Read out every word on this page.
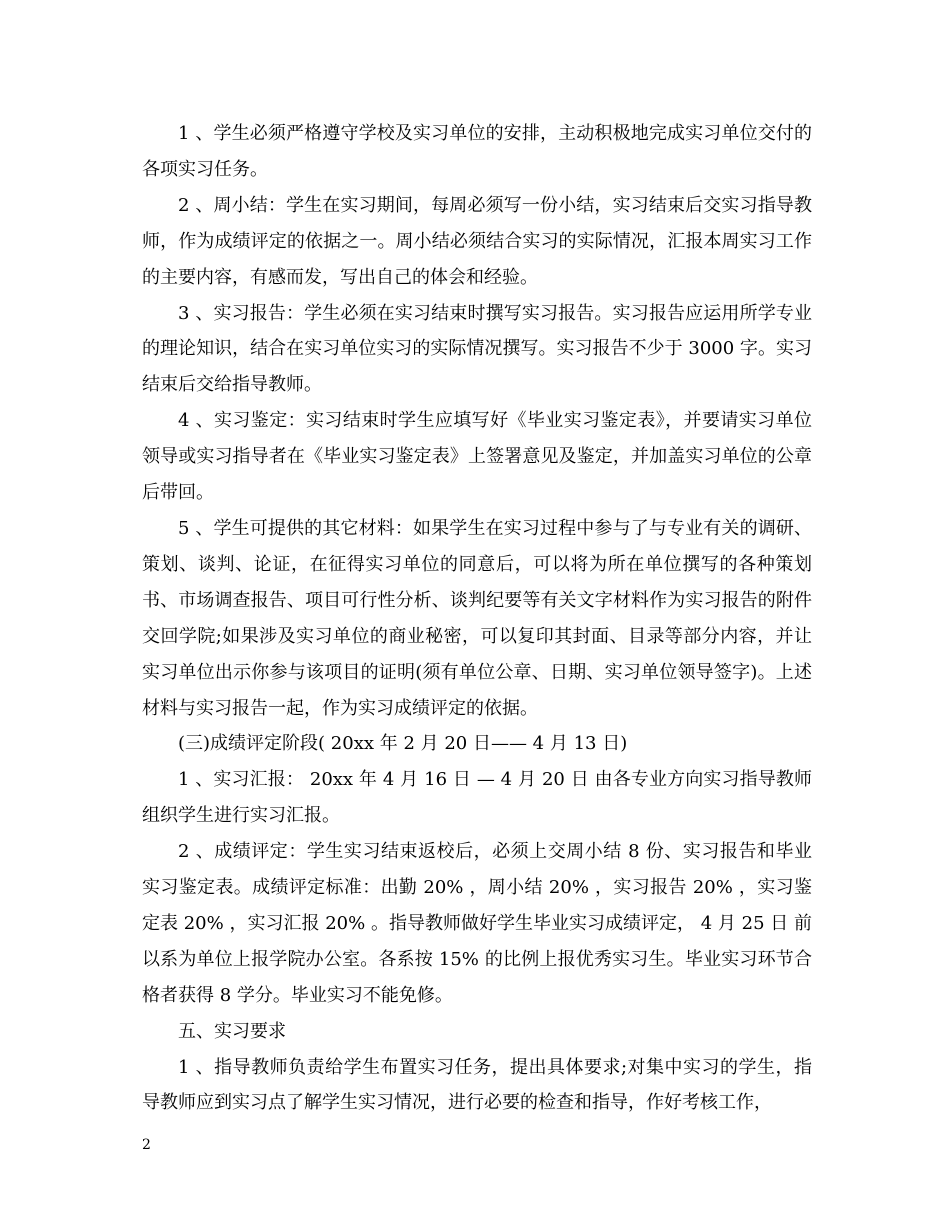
1 、学生必须严格遵守学校及实习单位的安排，主动积极地完成实习单位交付的各项实习任务。

2 、周小结：学生在实习期间，每周必须写一份小结，实习结束后交实习指导教师，作为成绩评定的依据之一。周小结必须结合实习的实际情况，汇报本周实习工作的主要内容，有感而发，写出自己的体会和经验。

3 、实习报告：学生必须在实习结束时撰写实习报告。实习报告应运用所学专业的理论知识，结合在实习单位实习的实际情况撰写。实习报告不少于 3000 字。实习结束后交给指导教师。

4 、实习鉴定：实习结束时学生应填写好《毕业实习鉴定表》，并要请实习单位领导或实习指导者在《毕业实习鉴定表》上签署意见及鉴定，并加盖实习单位的公章后带回。

5 、学生可提供的其它材料：如果学生在实习过程中参与了与专业有关的调研、策划、谈判、论证，在征得实习单位的同意后，可以将为所在单位撰写的各种策划书、市场调查报告、项目可行性分析、谈判纪要等有关文字材料作为实习报告的附件交回学院;如果涉及实习单位的商业秘密，可以复印其封面、目录等部分内容，并让实习单位出示你参与该项目的证明(须有单位公章、日期、实习单位领导签字)。上述材料与实习报告一起，作为实习成绩评定的依据。

(三)成绩评定阶段( 20xx 年 2 月 20 日—— 4 月 13 日)

1 、实习汇报： 20xx 年 4 月 16 日 — 4 月 20 日 由各专业方向实习指导教师组织学生进行实习汇报。

2 、成绩评定：学生实习结束返校后，必须上交周小结 8 份、实习报告和毕业实习鉴定表。成绩评定标准：出勤 20% ，周小结 20% ，实习报告 20% ，实习鉴定表 20% ，实习汇报 20% 。指导教师做好学生毕业实习成绩评定， 4 月 25 日 前以系为单位上报学院办公室。各系按 15% 的比例上报优秀实习生。毕业实习环节合格者获得 8 学分。毕业实习不能免修。

五、实习要求

1 、指导教师负责给学生布置实习任务，提出具体要求;对集中实习的学生，指导教师应到实习点了解学生实习情况，进行必要的检查和指导，作好考核工作，

2
